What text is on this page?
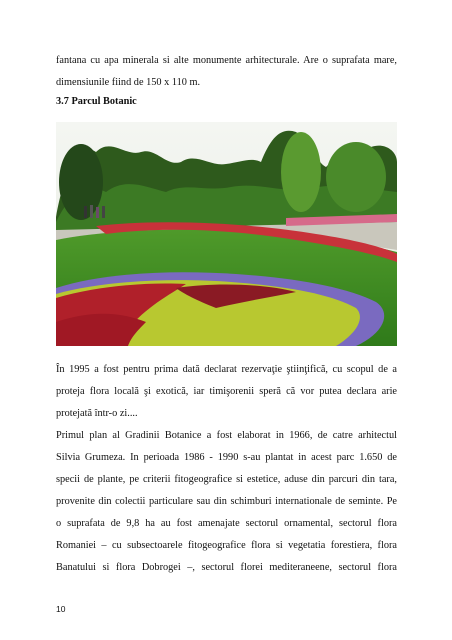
fantana cu apa minerala si alte monumente arhitecturale. Are o suprafata mare,
dimensiunile fiind de 150 x 110 m.

3.7 Parcul Botanic

În 1995 a fost pentru prima dată declarat rezervaţie ştiinţifică, cu scopul de a
proteja flora locală şi exotică, iar timişorenii speră că vor putea declara arie
protejată într-o zi....

Primul plan al Gradinii Botanice a fost elaborat in 1966, de catre arhitectul
Silvia Grumeza. In perioada 1986 - 1990 s-au plantat in acest parc 1.650 de
specii de plante, pe criterii fitogeografice si estetice, aduse din parcuri din tara,
provenite din colectii particulare sau din schimburi internationale de seminte. Pe
o suprafata de 9,8 ha au fost amenajate sectorul ornamental, sectorul flora
Romaniei – cu subsectoarele fitogeografice flora si vegetatia forestiera, flora
Banatului si flora Dobrogei –, sectorul florei mediteraneene, sectorul flora

10
